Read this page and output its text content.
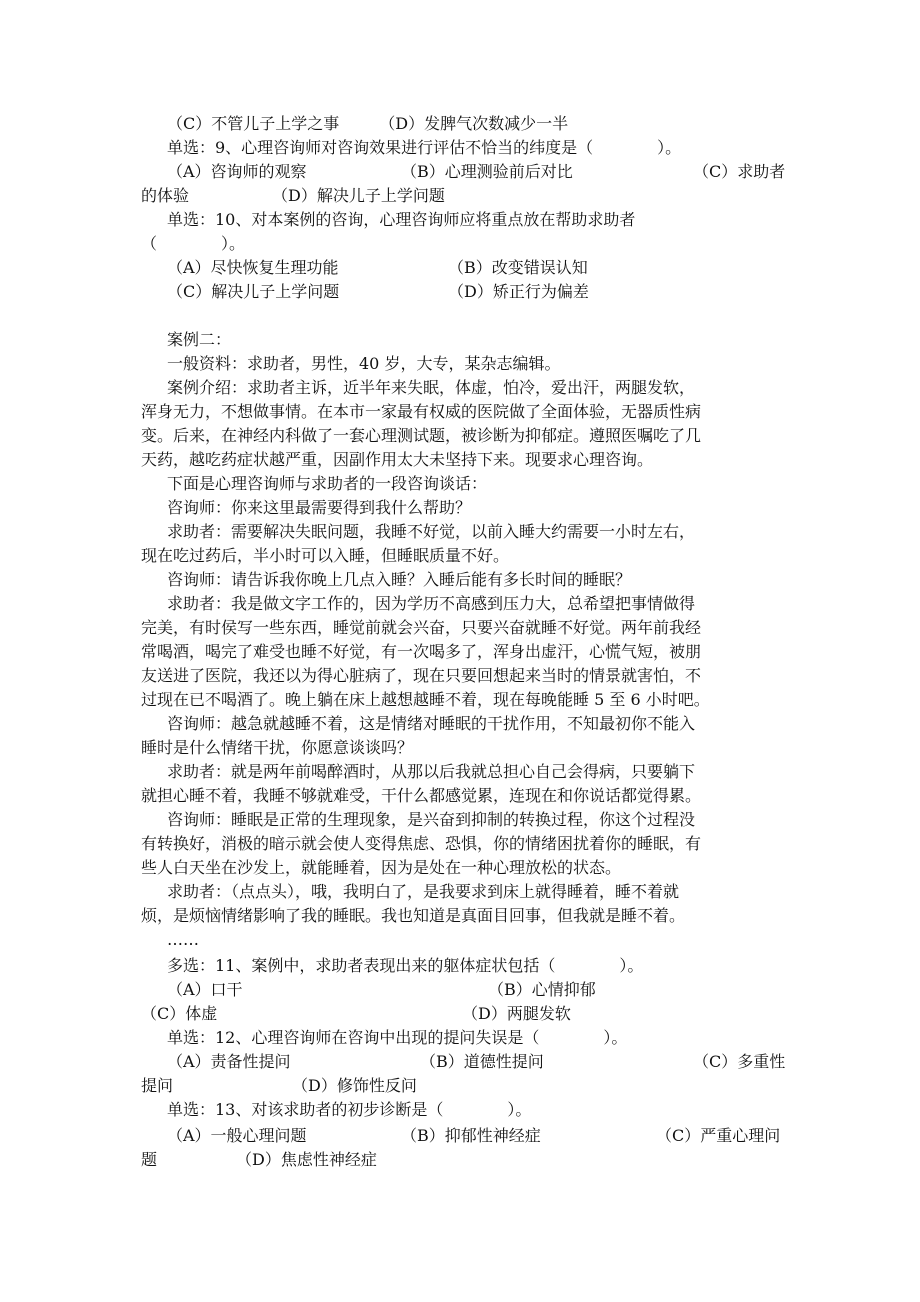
（C）不管儿子上学之事　　　（D）发脾气次数减少一半
单选：9、心理咨询师对咨询效果进行评估不恰当的纬度是（　　　　）。
（A）咨询师的观察	（B）心理测验前后对比	（C）求助者
的体验	（D）解决儿子上学问题
单选：10、对本案例的咨询，心理咨询师应将重点放在帮助求助者
（　　　　）。
（A）尽快恢复生理功能	（B）改变错误认知
（C）解决儿子上学问题	（D）矫正行为偏差
案例二：
一般资料：求助者，男性，40 岁，大专，某杂志编辑。
案例介绍：求助者主诉，近半年来失眠，体虚，怕冷，爱出汗，两腿发软，
浑身无力，不想做事情。在本市一家最有权威的医院做了全面体验，无器质性病
变。后来，在神经内科做了一套心理测试题，被诊断为抑郁症。遵照医嘱吃了几
天药，越吃药症状越严重，因副作用太大未坚持下来。现要求心理咨询。
下面是心理咨询师与求助者的一段咨询谈话：
咨询师：你来这里最需要得到我什么帮助？
求助者：需要解决失眠问题，我睡不好觉，以前入睡大约需要一小时左右，
现在吃过药后，半小时可以入睡，但睡眠质量不好。
咨询师：请告诉我你晚上几点入睡？入睡后能有多长时间的睡眠？
求助者：我是做文字工作的，因为学历不高感到压力大，总希望把事情做得
完美，有时侯写一些东西，睡觉前就会兴奋，只要兴奋就睡不好觉。两年前我经
常喝酒，喝完了难受也睡不好觉，有一次喝多了，浑身出虚汗，心慌气短，被朋
友送进了医院，我还以为得心脏病了，现在只要回想起来当时的情景就害怕，不
过现在已不喝酒了。晚上躺在床上越想越睡不着，现在每晚能睡 5 至 6 小时吧。
咨询师：越急就越睡不着，这是情绪对睡眠的干扰作用，不知最初你不能入
睡时是什么情绪干扰，你愿意谈谈吗？
求助者：就是两年前喝醉酒时，从那以后我就总担心自己会得病，只要躺下
就担心睡不着，我睡不够就难受，干什么都感觉累，连现在和你说话都觉得累。
咨询师：睡眠是正常的生理现象，是兴奋到抑制的转换过程，你这个过程没
有转换好，消极的暗示就会使人变得焦虑、恐惧，你的情绪困扰着你的睡眠，有
些人白天坐在沙发上，就能睡着，因为是处在一种心理放松的状态。
求助者：（点点头），哦，我明白了，是我要求到床上就得睡着，睡不着就
烦，是烦恼情绪影响了我的睡眠。我也知道是真面目回事，但我就是睡不着。
……
多选：11、案例中，求助者表现出来的躯体症状包括（　　　　）。
（A）口干	（B）心情抑郁
（C）体虚	（D）两腿发软
单选：12、心理咨询师在咨询中出现的提问失误是（　　　　）。
（A）责备性提问	（B）道德性提问	（C）多重性
提问	（D）修饰性反问
单选：13、对该求助者的初步诊断是（　　　　）。
（A）一般心理问题	（B）抑郁性神经症	（C）严重心理问
题	（D）焦虑性神经症
